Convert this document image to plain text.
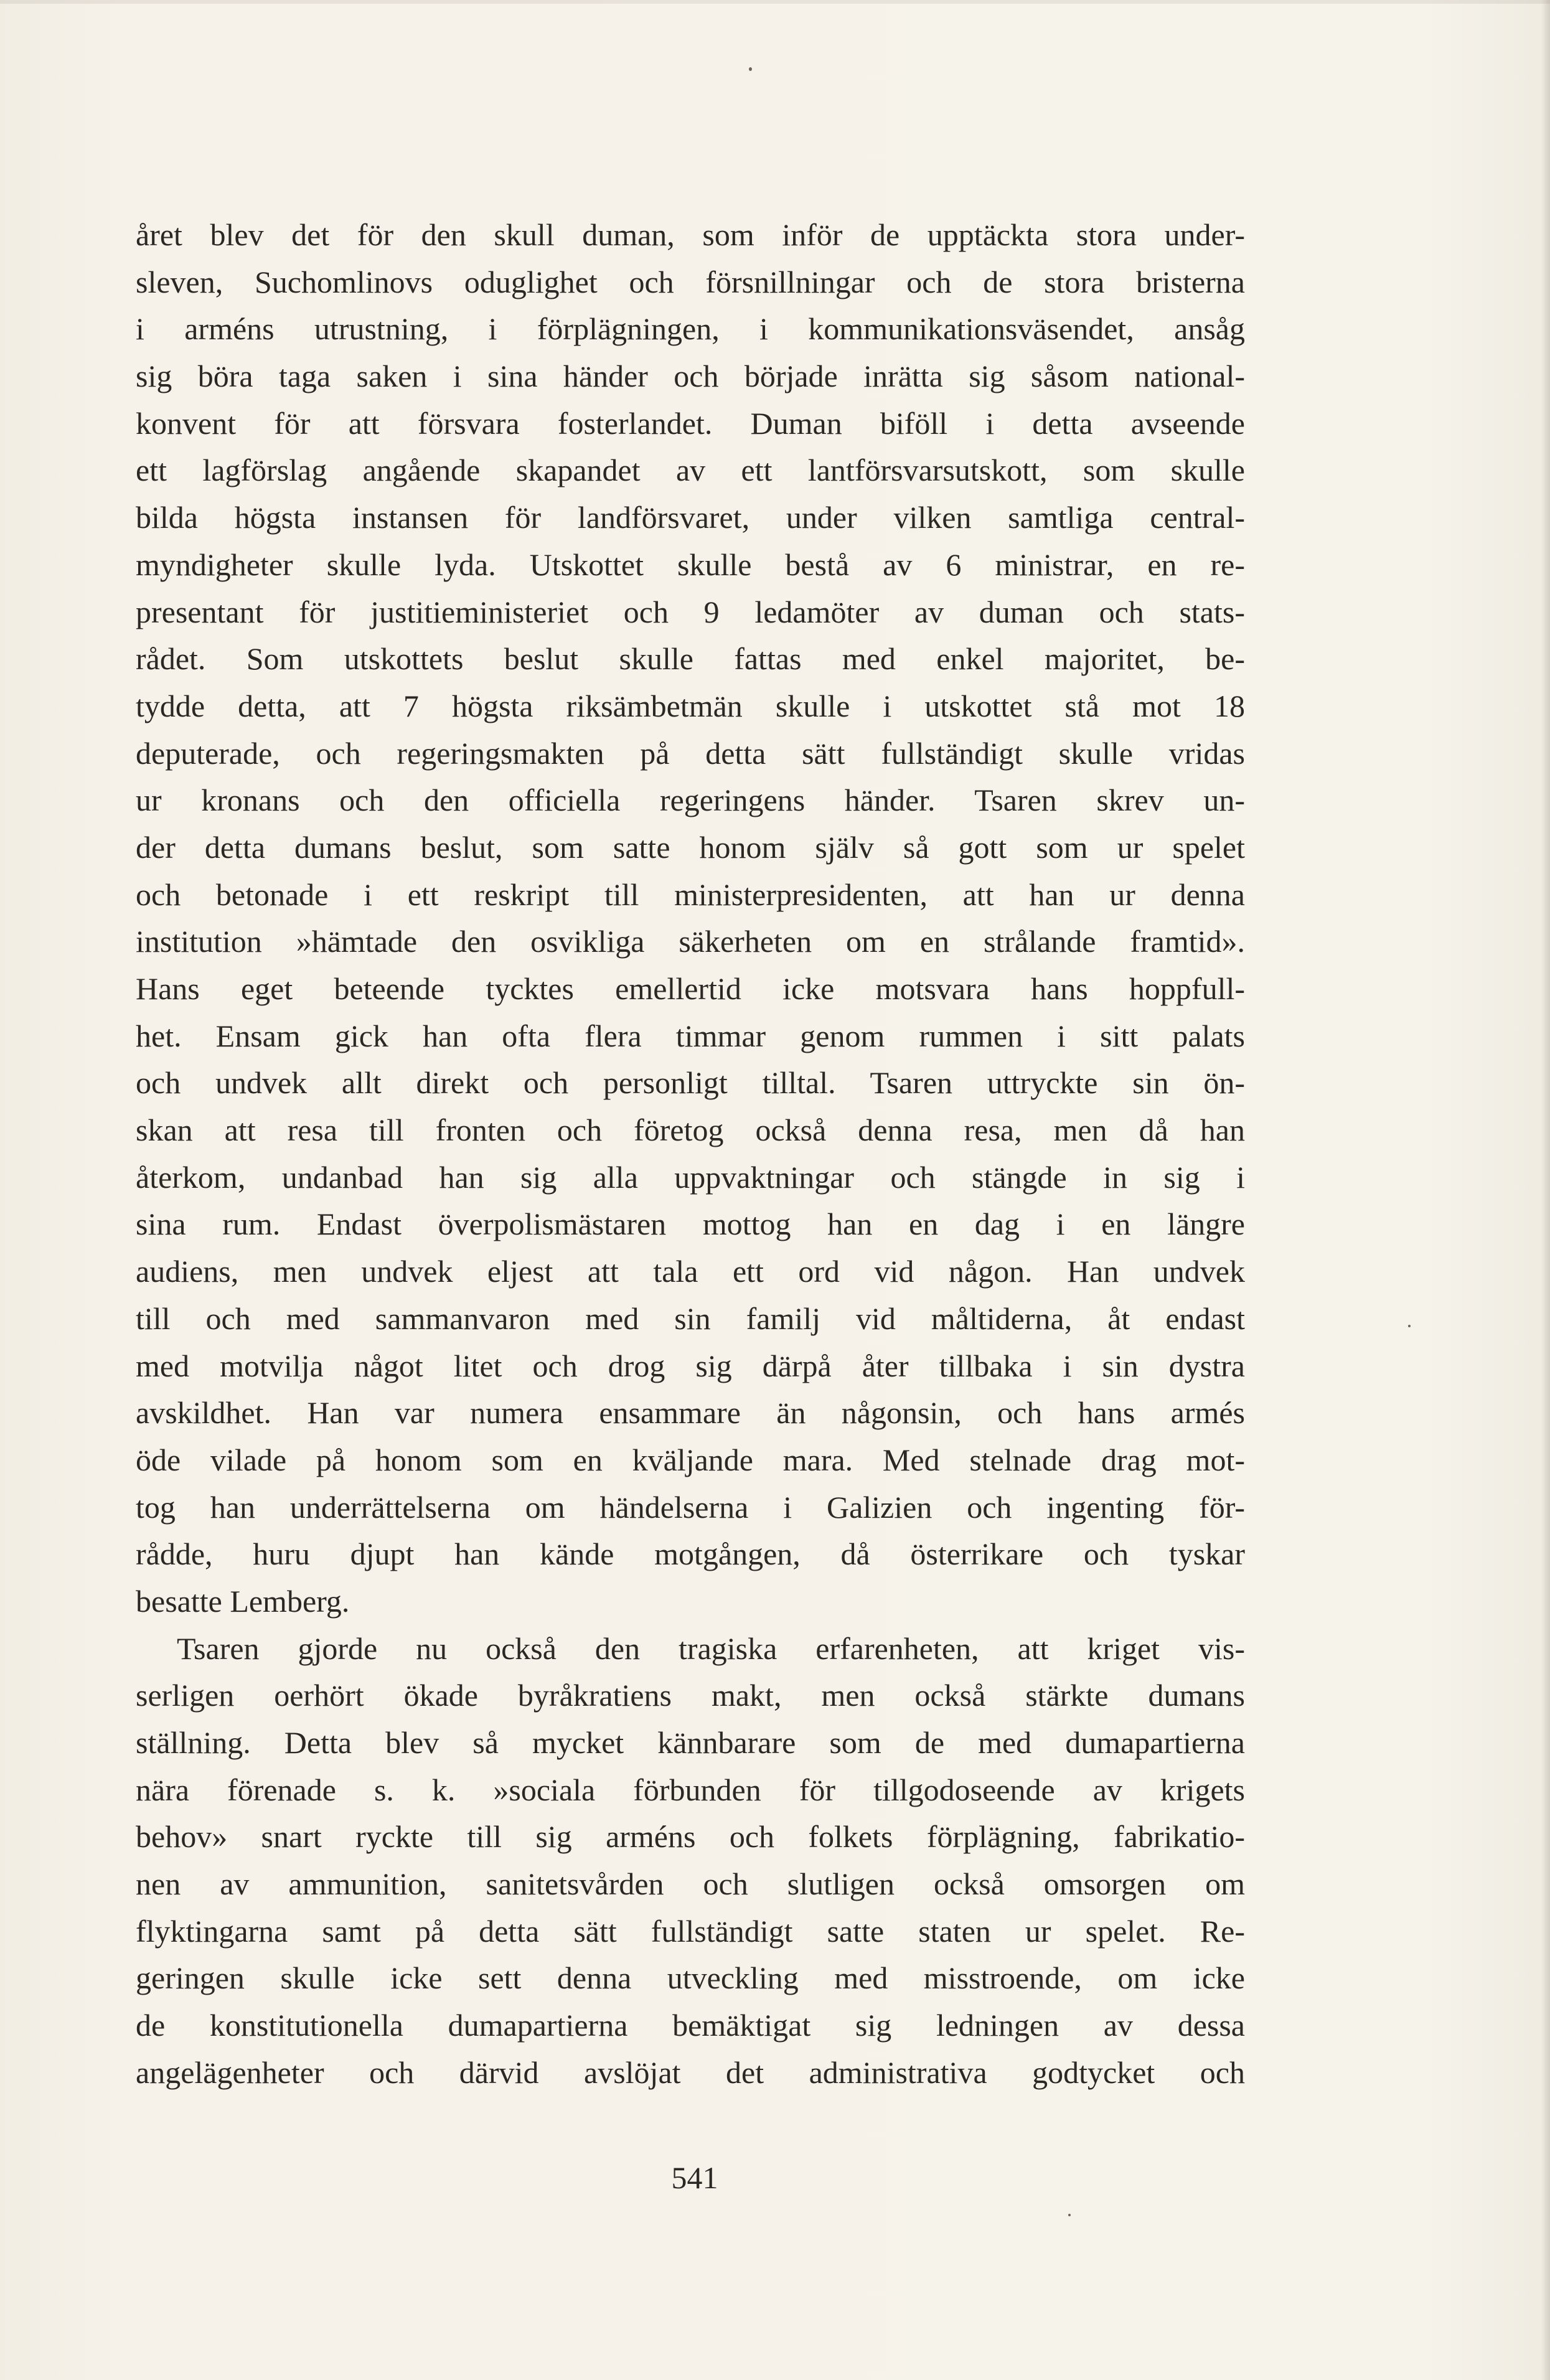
året blev det för den skull duman, som inför de upptäckta stora under-
sleven, Suchomlinovs oduglighet och försnillningar och de stora bristerna
i arméns utrustning, i förplägningen, i kommunikationsväsendet, ansåg
sig böra taga saken i sina händer och började inrätta sig såsom national-
konvent för att försvara fosterlandet. Duman biföll i detta avseende
ett lagförslag angående skapandet av ett lantförsvarsutskott, som skulle
bilda högsta instansen för landförsvaret, under vilken samtliga central-
myndigheter skulle lyda. Utskottet skulle bestå av 6 ministrar, en re-
presentant för justitieministeriet och 9 ledamöter av duman och stats-
rådet. Som utskottets beslut skulle fattas med enkel majoritet, be-
tydde detta, att 7 högsta riksämbetmän skulle i utskottet stå mot 18
deputerade, och regeringsmakten på detta sätt fullständigt skulle vridas
ur kronans och den officiella regeringens händer. Tsaren skrev un-
der detta dumans beslut, som satte honom själv så gott som ur spelet
och betonade i ett reskript till ministerpresidenten, att han ur denna
institution »hämtade den osvikliga säkerheten om en strålande framtid».
Hans eget beteende tycktes emellertid icke motsvara hans hoppfull-
het. Ensam gick han ofta flera timmar genom rummen i sitt palats
och undvek allt direkt och personligt tilltal. Tsaren uttryckte sin ön-
skan att resa till fronten och företog också denna resa, men då han
återkom, undanbad han sig alla uppvaktningar och stängde in sig i
sina rum. Endast överpolismästaren mottog han en dag i en längre
audiens, men undvek eljest att tala ett ord vid någon. Han undvek
till och med sammanvaron med sin familj vid måltiderna, åt endast
med motvilja något litet och drog sig därpå åter tillbaka i sin dystra
avskildhet. Han var numera ensammare än någonsin, och hans armés
öde vilade på honom som en kväljande mara. Med stelnade drag mot-
tog han underrättelserna om händelserna i Galizien och ingenting för-
rådde, huru djupt han kände motgången, då österrikare och tyskar
besatte Lemberg.
Tsaren gjorde nu också den tragiska erfarenheten, att kriget vis-
serligen oerhört ökade byråkratiens makt, men också stärkte dumans
ställning. Detta blev så mycket kännbarare som de med dumapartierna
nära förenade s. k. »sociala förbunden för tillgodoseende av krigets
behov» snart ryckte till sig arméns och folkets förplägning, fabrikatio-
nen av ammunition, sanitetsvården och slutligen också omsorgen om
flyktingarna samt på detta sätt fullständigt satte staten ur spelet. Re-
geringen skulle icke sett denna utveckling med misstroende, om icke
de konstitutionella dumapartierna bemäktigat sig ledningen av dessa
angelägenheter och därvid avslöjat det administrativa godtycket och
541
